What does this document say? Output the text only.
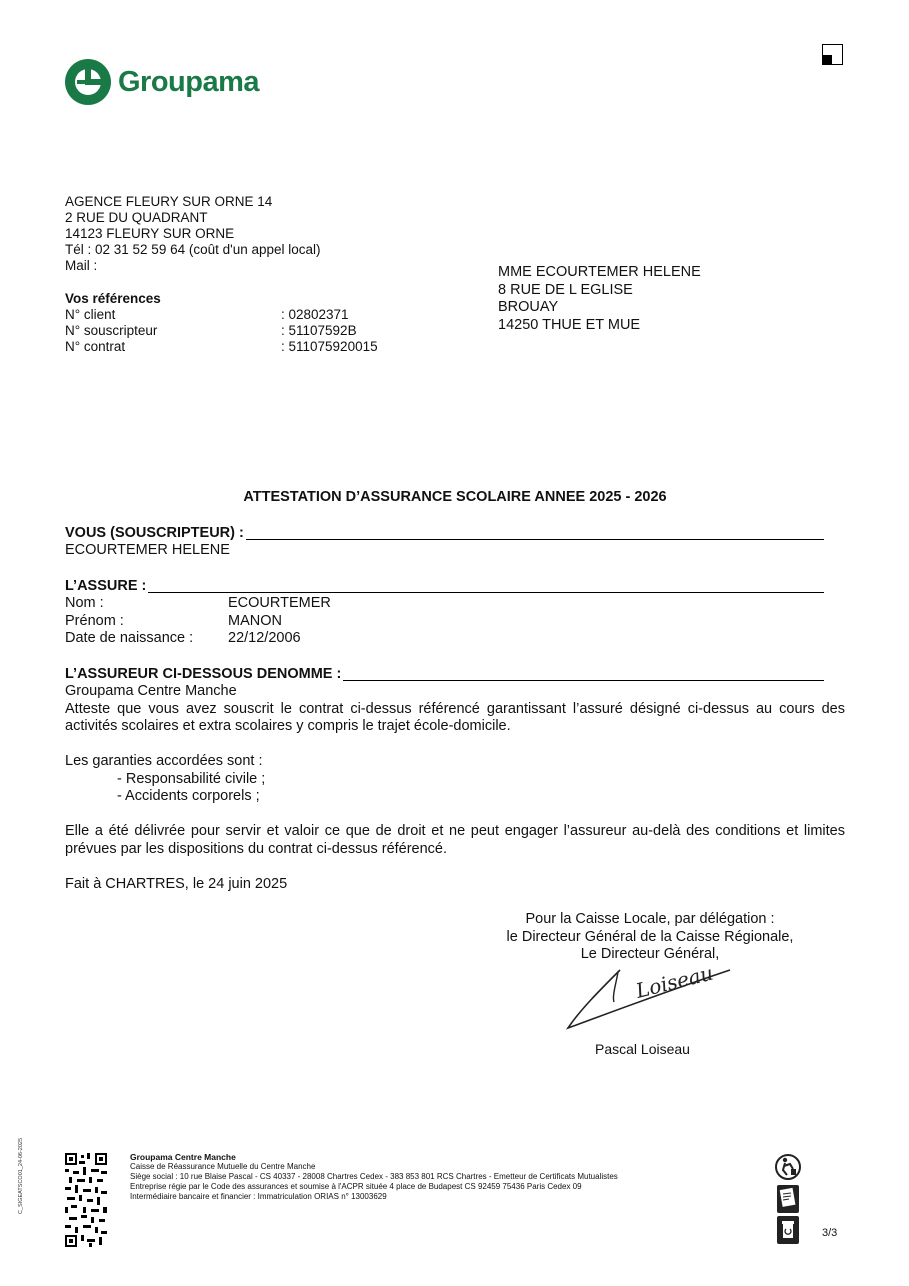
Groupama
AGENCE FLEURY SUR ORNE 14
2 RUE DU QUADRANT
14123 FLEURY SUR ORNE
Tél : 02 31 52 59 64 (coût d'un appel local)
Mail :
Vos références
N° client	: 02802371
N° souscripteur	: 51107592B
N° contrat	: 511075920015
MME ECOURTEMER HELENE
8 RUE DE L EGLISE
BROUAY
14250 THUE ET MUE
ATTESTATION D’ASSURANCE SCOLAIRE ANNEE 2025 - 2026
VOUS (SOUSCRIPTEUR) :
ECOURTEMER HELENE
L’ASSURE :
Nom :	ECOURTEMER
Prénom :	MANON
Date de naissance :	22/12/2006
L’ASSUREUR CI-DESSOUS DENOMME :
Groupama Centre Manche
Atteste que vous avez souscrit le contrat ci-dessus référencé garantissant l’assuré désigné ci-dessus au cours des activités scolaires et extra scolaires y compris le trajet école-domicile.
Les garanties accordées sont :
- Responsabilité civile ;
- Accidents corporels ;
Elle a été délivrée pour servir et valoir ce que de droit et ne peut engager l’assureur au-delà des conditions et limites prévues par les dispositions du contrat ci-dessus référencé.
Fait à CHARTRES, le 24 juin 2025
Pour la Caisse Locale, par délégation :
le Directeur Général de la Caisse Régionale,
Le Directeur Général,
Loiseau
Pascal Loiseau
C_SIGEATSCO01_24-06-2025	Groupama Centre Manche
Caisse de Réassurance Mutuelle du Centre Manche
Siège social : 10 rue Blaise Pascal - CS 40337 - 28008 Chartres Cedex - 383 853 801 RCS Chartres - Emetteur de Certificats Mutualistes
Entreprise régie par le Code des assurances et soumise à l'ACPR située 4 place de Budapest CS 92459 75436 Paris Cedex 09
Intermédiaire bancaire et financier : Immatriculation ORIAS n° 13003629
3/3
